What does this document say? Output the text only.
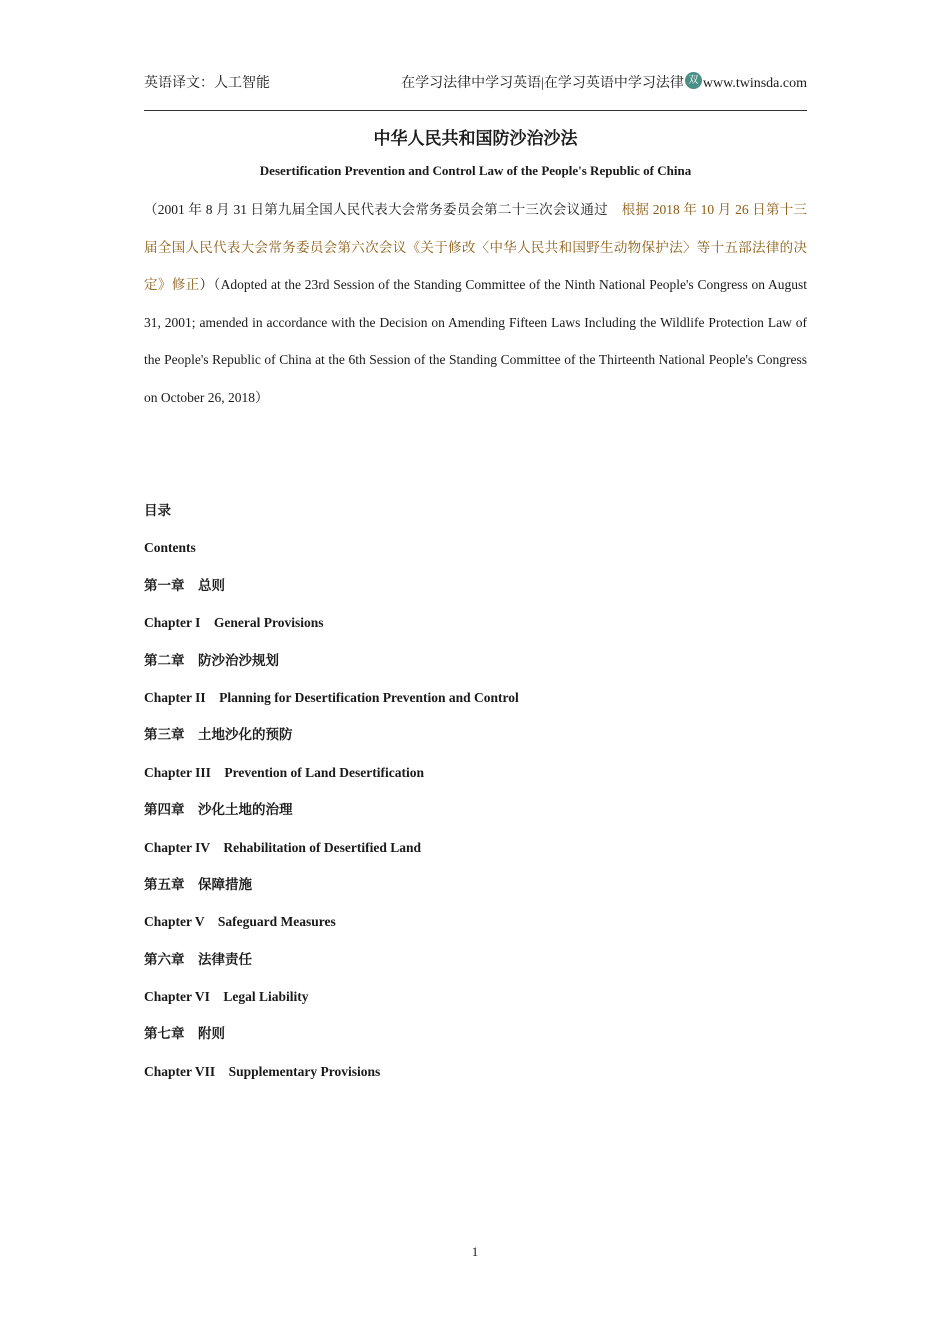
英语译文：人工智能	在学习法律中学习英语|在学习英语中学习法律 双 www.twinsda.com
中华人民共和国防沙治沙法
Desertification Prevention and Control Law of the People's Republic of China
（2001 年 8 月 31 日第九届全国人民代表大会常务委员会第二十三次会议通过　根据 2018 年 10 月 26 日第十三届全国人民代表大会常务委员会第六次会议《关于修改〈中华人民共和国野生动物保护法〉等十五部法律的决定》修正）（Adopted at the 23rd Session of the Standing Committee of the Ninth National People's Congress on August 31, 2001; amended in accordance with the Decision on Amending Fifteen Laws Including the Wildlife Protection Law of the People's Republic of China at the 6th Session of the Standing Committee of the Thirteenth National People's Congress on October 26, 2018）
目录
Contents
第一章　总则
Chapter I　General Provisions
第二章　防沙治沙规划
Chapter II　Planning for Desertification Prevention and Control
第三章　土地沙化的预防
Chapter III　Prevention of Land Desertification
第四章　沙化土地的治理
Chapter IV　Rehabilitation of Desertified Land
第五章　保障措施
Chapter V　Safeguard Measures
第六章　法律责任
Chapter VI　Legal Liability
第七章　附则
Chapter VII　Supplementary Provisions
1
